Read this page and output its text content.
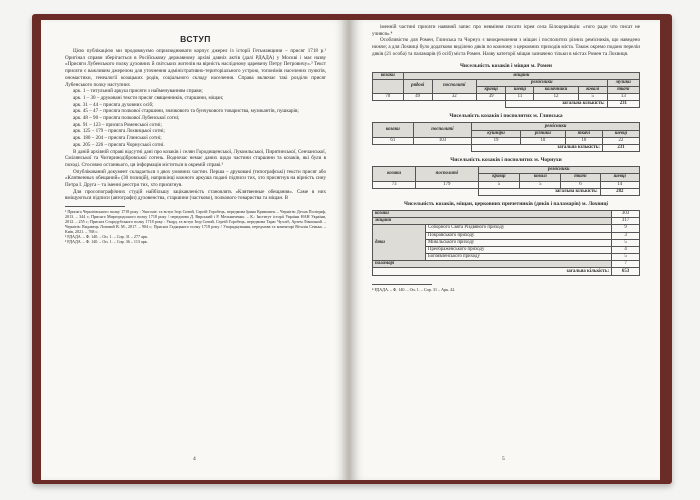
ВСТУП

Цією публікацією ми продовжуємо оприлюднювати корпус джерел із історії Гетьманщини – присяг 1718 р.¹ Оригінал справи зберігається в Російському державному архіві давніх актів (далі РДАДА) у Москві і має назву «Присяги Лубенського полку духовних й світських жителів на вірність наслідному царевичу Петру Петровичу».² Текст присяги є важливим джерелом для уточнення адміністративно-територіального устрою, топонімів населених пунктів, ономастики, генеалогії козацьких родів, соціального складу населення. Справа включає такі розділи присяг Лубенського полку наступних

арк. 1 – титульний аркуш присяги з найменуванням справи;

арк. 1 – 30 – друковані тексти присяг священників, старшини, міщан;

арк. 31 – 44 – присяга духовних осіб;

арк. 45 – 47 – присяга полкової старшини, значкового та бунчукового товариства, музикантів, пушкарів;

арк. 48 – 90 – присяга полкової Лубенської сотні;

арк. 91 – 123 – присяга Роменської сотні;

арк. 125 – 179 – присяга Лохвицької сотні;

арк. 180 – 204 – присяга Глинської сотні;

арк. 205 – 226 – присяга Чорнуської сотні.

В даній архівній справі відсутні дані про козаків і селян Городищенської, Лукомльської, Пирятинської, Сенчанської, Смілянської та Чигиринодібровської сотень. Водночас немає даних щодо частини старшини та козаків, які були в поході. Стосовно останнього, ця інформація міститься в окремій справі.³

Опублікований документ складається з двох умовних частин. Перша – друковані (типографські) тексти присяг або «Клятвенных обещаний» (30 позицій), наприкінці кожного аркуша подані підписи тих, хто присягнув на вірність сину Петра І. Друга – та іменні реєстри тих, хто присягнув.

Для просопографічних студій найбільшу зацікавленість становлять «Клятвенные обещания». Саме в них вміщуються підписи (автографи) духовенства, старшини (частково), полкового товариства та міщан. В

¹ Присяга Чернігівського полку 1718 року : Укоroutе. та вступ Ігор Ситий, Сергій Горобець, передмова Ірина Кривошея. – Чернігів: Десна Поліграф, 2013. – 344 с; Присяга Миргородського полку 1718 року / передмова Д. Вирський і Р. Мельниченко. – К.: Інститут історії України НАН України, 2012. – 255 с; Присяга Стародубського полку 1718 року : Укорд. та вступ Ігор Ситий, Сергій Горобець, передмова Тарас Чухліб, Артем Лівиський. – Чернігів: Видавець Лозовий В. М., 2017. – 904 с; Присяга Гадяцького полку 1718 року / Упорядкування, передмова та коментарі Віталія Сенька. – Київ, 2021. – 768 с.

² РДАДА. – Ф. 140. – Оп. 1. – Спр. 31 – 277 арк.

³ РДАДА. – Ф. 140. – Оп. 1. – Спр. 36 – 113 арк.

4

іменній частині присяги наявний запис про невміння писати ієрея села Білоцерківців: «того ради что писат не учився».⁴

Особливістю для Ромен, Глинська та Чорнух є виокремлення з міщан і посполитих різних ремісників, що наведено нижче; а для Лохвиці було додатково виділено дяків по кожному з церковних приходів міста. Також окремо подано переліи дяків (21 особа) та паламарів (6 осіб) міста Ромен. Назву категорії міщан зазначено тільки в містах Ромен та Лохвиця.

Чисельність козаків і міщан м. Ромен
козаки	міщани						
	рядові	посполиті	ремісники				музики
			кравці	шевці	калачники	ковалі	ткачі
70	49	32	39	11	12	5	13
				загальна кількість:			231
Чисельність козаків і посполитих м. Глинська
козаки	посполиті	ремісники			
		кушніри	різники	ткачі	шевці
61	103	19	10	16	22
		загальна кількість:			231
Чисельність козаків і посполитих м. Чорнухи
козаки	посполиті	ремісники			
		кравці	ковалі	ткачі	шевці
73	179	5	5	6	14
		загальна кількість:			282
Чисельність козаків, міщан, церковних причетників (дяків і паламарів) м. Лохвиці
козаки		303
міщани		317
дяки	Соборного Свята Різдвяного приходу	9
	Покровського приходу	3
	Микільського приходу	5
	Преображенського приходу	4
	Богоявленського приходу	5
паламарі		7
загальна кількість:		653

⁴ РДАДА. – Ф. 140. – Оп. 1. – Спр. 31 – Арк. 42.

5
